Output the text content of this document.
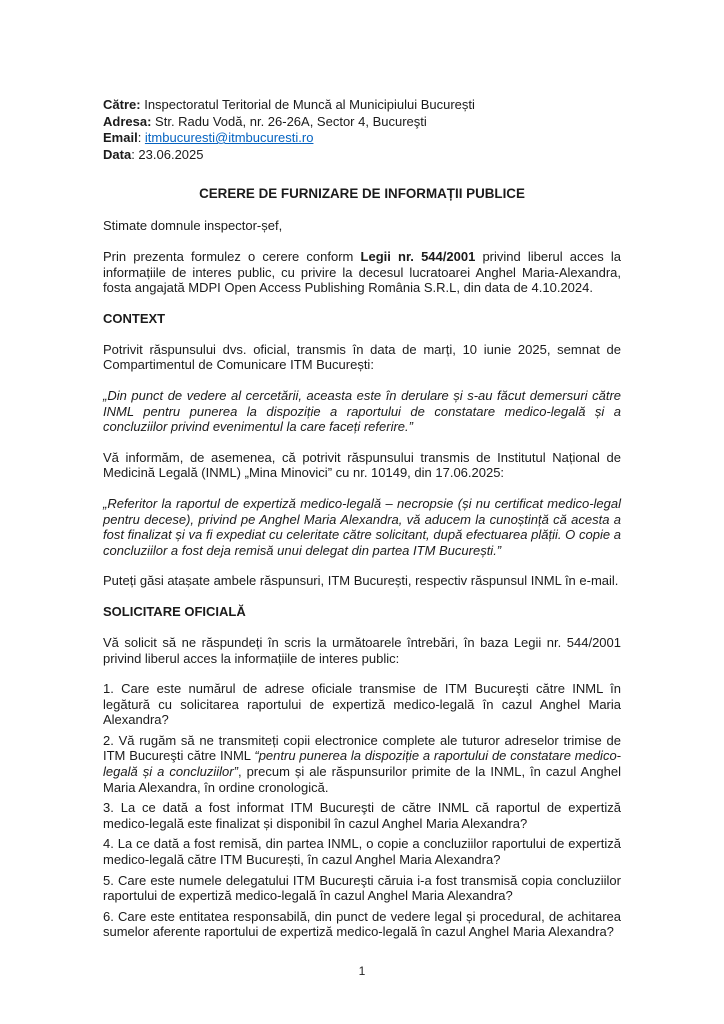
Către: Inspectoratul Teritorial de Muncă al Municipiului București

Adresa: Str. Radu Vodă, nr. 26-26A, Sector 4, Bucureşti

Email: itmbucuresti@itmbucuresti.ro

Data: 23.06.2025

CERERE DE FURNIZARE DE INFORMAȚII PUBLICE

Stimate domnule inspector-șef,

Prin prezenta formulez o cerere conform Legii nr. 544/2001 privind liberul acces la informațiile de interes public, cu privire la decesul lucratoarei Anghel Maria-Alexandra, fosta angajată MDPI Open Access Publishing România S.R.L, din data de 4.10.2024.

CONTEXT

Potrivit răspunsului dvs. oficial, transmis în data de marți, 10 iunie 2025, semnat de Compartimentul de Comunicare ITM București:

„Din punct de vedere al cercetării, aceasta este în derulare și s-au făcut demersuri către INML pentru punerea la dispoziție a raportului de constatare medico-legală și a concluziilor privind evenimentul la care faceți referire.”

Vă informăm, de asemenea, că potrivit răspunsului transmis de Institutul Național de Medicină Legală (INML) „Mina Minovici” cu nr. 10149, din 17.06.2025:

„Referitor la raportul de expertiză medico-legală – necropsie (și nu certificat medico-legal pentru decese), privind pe Anghel Maria Alexandra, vă aducem la cunoștință că acesta a fost finalizat și va fi expediat cu celeritate către solicitant, după efectuarea plății. O copie a concluziilor a fost deja remisă unui delegat din partea ITM București.”

Puteți găsi atașate ambele răspunsuri, ITM București, respectiv răspunsul INML în e-mail.

SOLICITARE OFICIALĂ

Vă solicit să ne răspundeți în scris la următoarele întrebări, în baza Legii nr. 544/2001 privind liberul acces la informațiile de interes public:

1. Care este numărul de adrese oficiale transmise de ITM Bucureşti către INML în legătură cu solicitarea raportului de expertiză medico-legală în cazul Anghel Maria Alexandra?

2. Vă rugăm să ne transmiteți copii electronice complete ale tuturor adreselor trimise de ITM Bucureşti către INML “pentru punerea la dispoziție a raportului de constatare medico-legală și a concluziilor”, precum și ale răspunsurilor primite de la INML, în cazul Anghel Maria Alexandra, în ordine cronologică.

3. La ce dată a fost informat ITM Bucureşti de către INML că raportul de expertiză medico-legală este finalizat și disponibil în cazul Anghel Maria Alexandra?

4. La ce dată a fost remisă, din partea INML, o copie a concluziilor raportului de expertiză medico-legală către ITM București, în cazul Anghel Maria Alexandra?

5. Care este numele delegatului ITM Bucureşti căruia i-a fost transmisă copia concluziilor raportului de expertiză medico-legală în cazul Anghel Maria Alexandra?

6. Care este entitatea responsabilă, din punct de vedere legal și procedural, de achitarea sumelor aferente raportului de expertiză medico-legală în cazul Anghel Maria Alexandra?

1
